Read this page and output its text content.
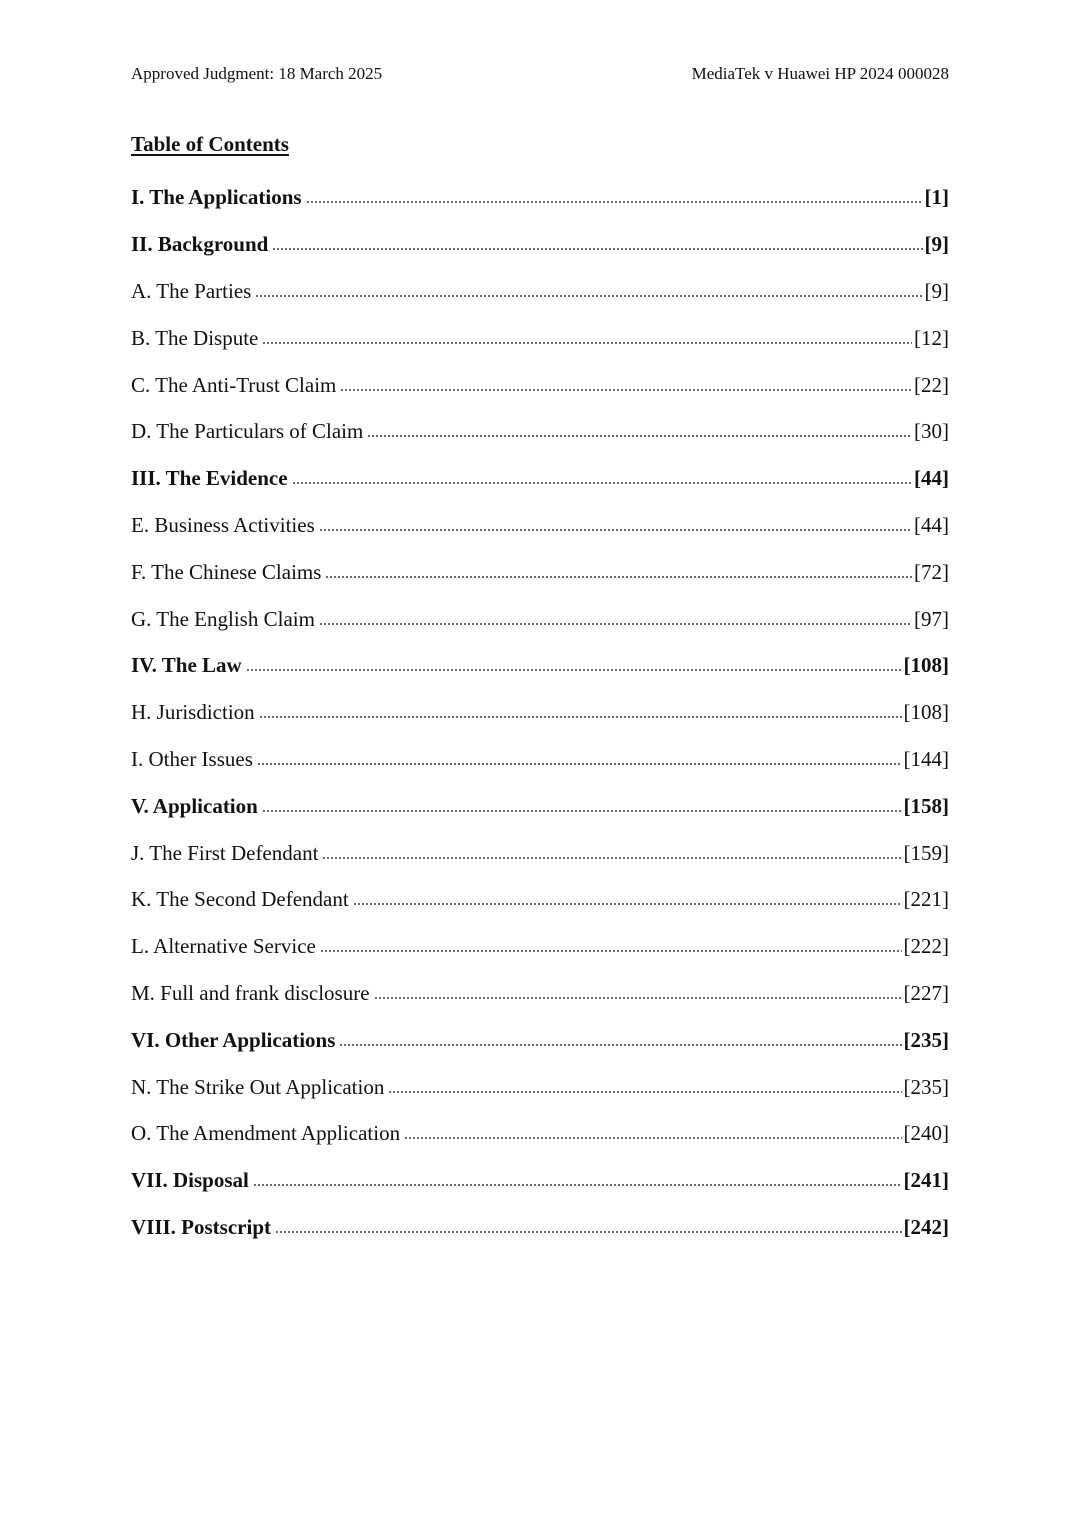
Approved Judgment: 18 March 2025	MediaTek v Huawei HP 2024 000028
Table of Contents
I. The Applications	[1]
II. Background	[9]
A. The Parties	[9]
B. The Dispute	[12]
C. The Anti-Trust Claim	[22]
D. The Particulars of Claim	[30]
III. The Evidence	[44]
E. Business Activities	[44]
F. The Chinese Claims	[72]
G. The English Claim	[97]
IV. The Law	[108]
H. Jurisdiction	[108]
I. Other Issues	[144]
V. Application	[158]
J. The First Defendant	[159]
K. The Second Defendant	[221]
L. Alternative Service	[222]
M. Full and frank disclosure	[227]
VI. Other Applications	[235]
N. The Strike Out Application	[235]
O. The Amendment Application	[240]
VII. Disposal	[241]
VIII. Postscript	[242]
